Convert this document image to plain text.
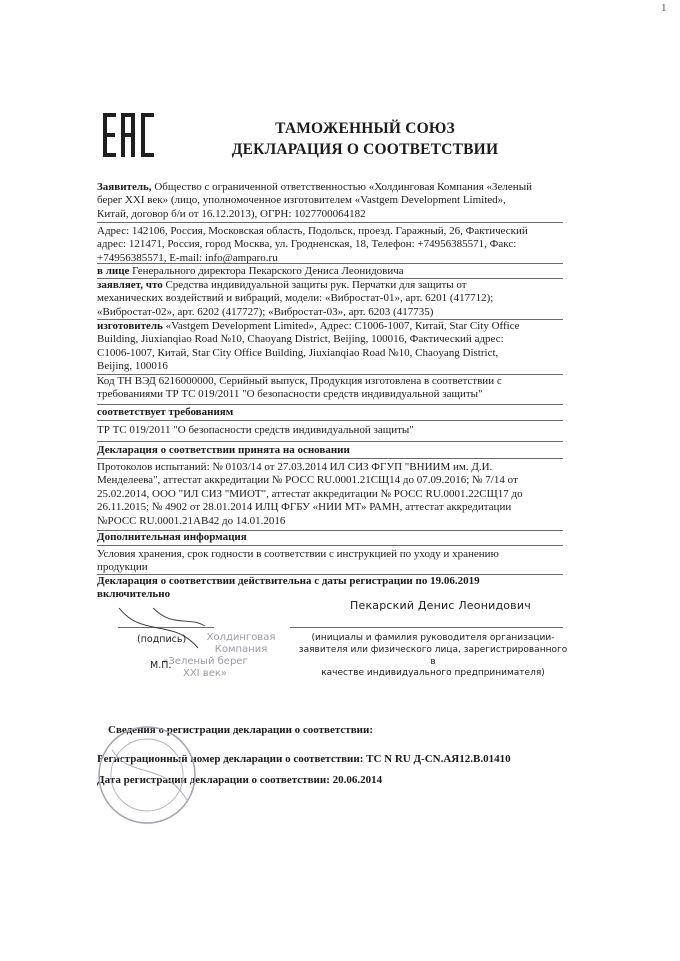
1
ТАМОЖЕННЫЙ СОЮЗ
ДЕКЛАРАЦИЯ О СООТВЕТСТВИИ
Заявитель, Общество с ограниченной ответственностью «Холдинговая Компания «Зеленый
берег XXI век» (лицо, уполномоченное изготовителем «Vastgem Development Limited»,
Китай, договор б/и от 16.12.2013), ОГРН: 1027700064182
Адрес: 142106, Россия, Московская область, Подольск, проезд. Гаражный, 26, Фактический
адрес: 121471, Россия, город Москва, ул. Гродненская, 18, Телефон: +74956385571, Факс:
+74956385571, E-mail: info@amparo.ru
в лице Генерального директора Пекарского Дениса Леонидовича
заявляет, что Средства индивидуальной защиты рук. Перчатки для защиты от
механических воздействий и вибраций, модели: «Вибростат-01», арт. 6201 (417712);
«Вибростат-02», арт. 6202 (417727); «Вибростат-03», арт. 6203 (417735)
изготовитель «Vastgem Development Limited», Адрес: C1006-1007, Китай, Star City Office
Building, Jiuxianqiao Road №10, Chaoyang District, Beijing, 100016, Фактический адрес:
C1006-1007, Китай, Star City Office Building, Jiuxianqiao Road №10, Chaoyang District,
Beijing, 100016
Код ТН ВЭД 6216000000, Серийный выпуск, Продукция изготовлена в соответствии с
требованиями ТР ТС 019/2011 "О безопасности средств индивидуальной защиты"
соответствует требованиям
ТР ТС 019/2011 "О безопасности средств индивидуальной защиты"
Декларация о соответствии принята на основании
Протоколов испытаний: № 0103/14 от 27.03.2014 ИЛ СИЗ ФГУП "ВНИИМ им. Д.И.
Менделеева", аттестат аккредитации № РОСС RU.0001.21СЩ14 до 07.09.2016; № 7/14 от
25.02.2014, ООО "ИЛ СИЗ "МИОТ", аттестат аккредитации № РОСС RU.0001.22СЩ17 до
26.11.2015; № 4902 от 28.01.2014 ИЛЦ ФГБУ «НИИ МТ» РАМН, аттестат аккредитации
№РОСС RU.0001.21АВ42 до 14.01.2016
Дополнительная информация
Условия хранения, срок годности в соответствии с инструкцией по уходу и хранению
продукции
Декларация о соответствии действительна с даты регистрации по 19.06.2019
включительно
Пекарский Денис Леонидович
Холдинговая
Компания
«Зеленый берег
XXI век»
(подпись)
М.П.
(инициалы и фамилия руководителя организации-
заявителя или физического лица, зарегистрированного в
качестве индивидуального предпринимателя)
Сведения о регистрации декларации о соответствии:
Регистрационный номер декларации о соответствии: ТС N RU Д-CN.АЯ12.В.01410
Дата регистрации декларации о соответствии: 20.06.2014
